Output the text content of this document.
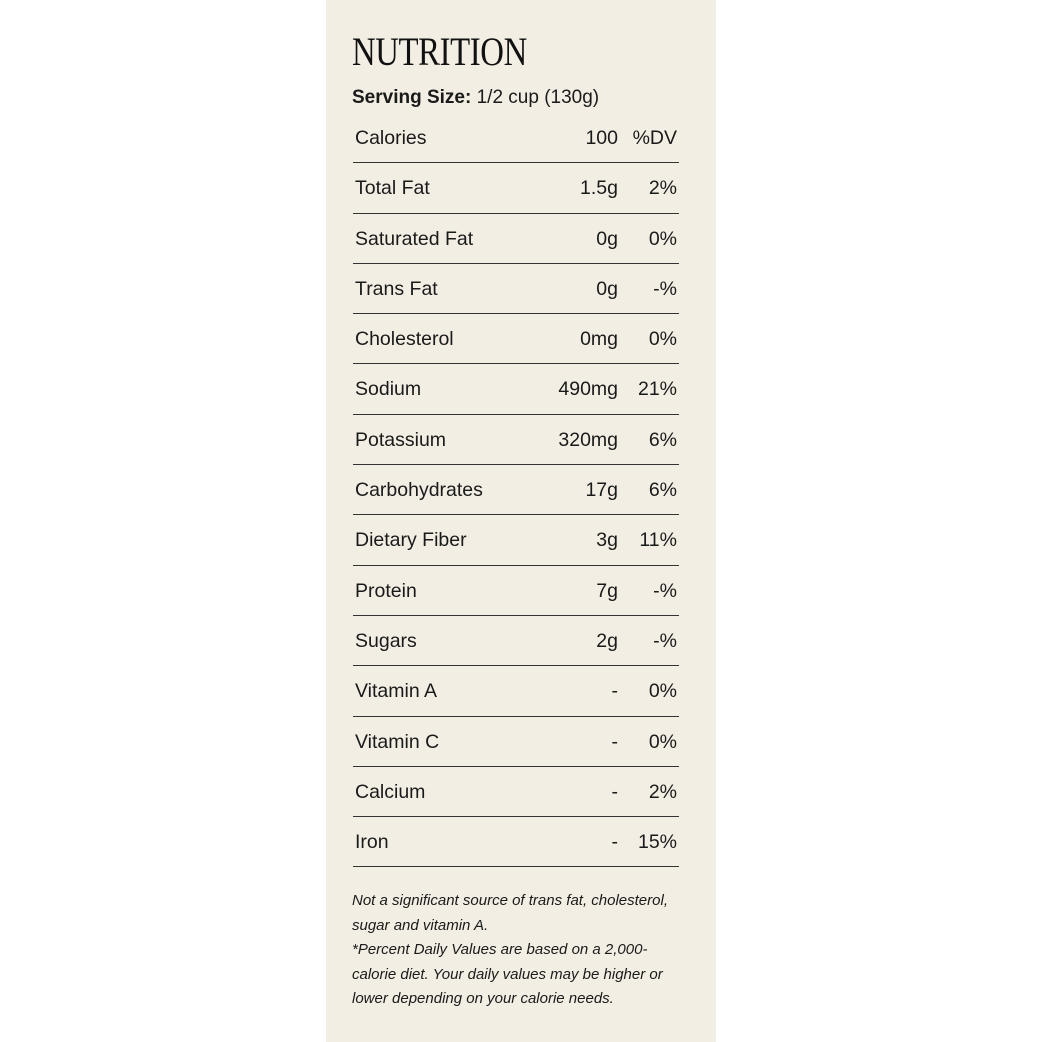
NUTRITION
Serving Size: 1/2 cup (130g)
Calories	100 %DV
Total Fat	1.5g 2%
Saturated Fat	0g 0%
Trans Fat	0g -%
Cholesterol	0mg 0%
Sodium	490mg 21%
Potassium	320mg 6%
Carbohydrates	17g 6%
Dietary Fiber	3g 11%
Protein	7g -%
Sugars	2g -%
Vitamin A	- 0%
Vitamin C	- 0%
Calcium	- 2%
Iron	- 15%

Not a significant source of trans fat, cholesterol, sugar and vitamin A.

*Percent Daily Values are based on a 2,000-calorie diet. Your daily values may be higher or lower depending on your calorie needs.
